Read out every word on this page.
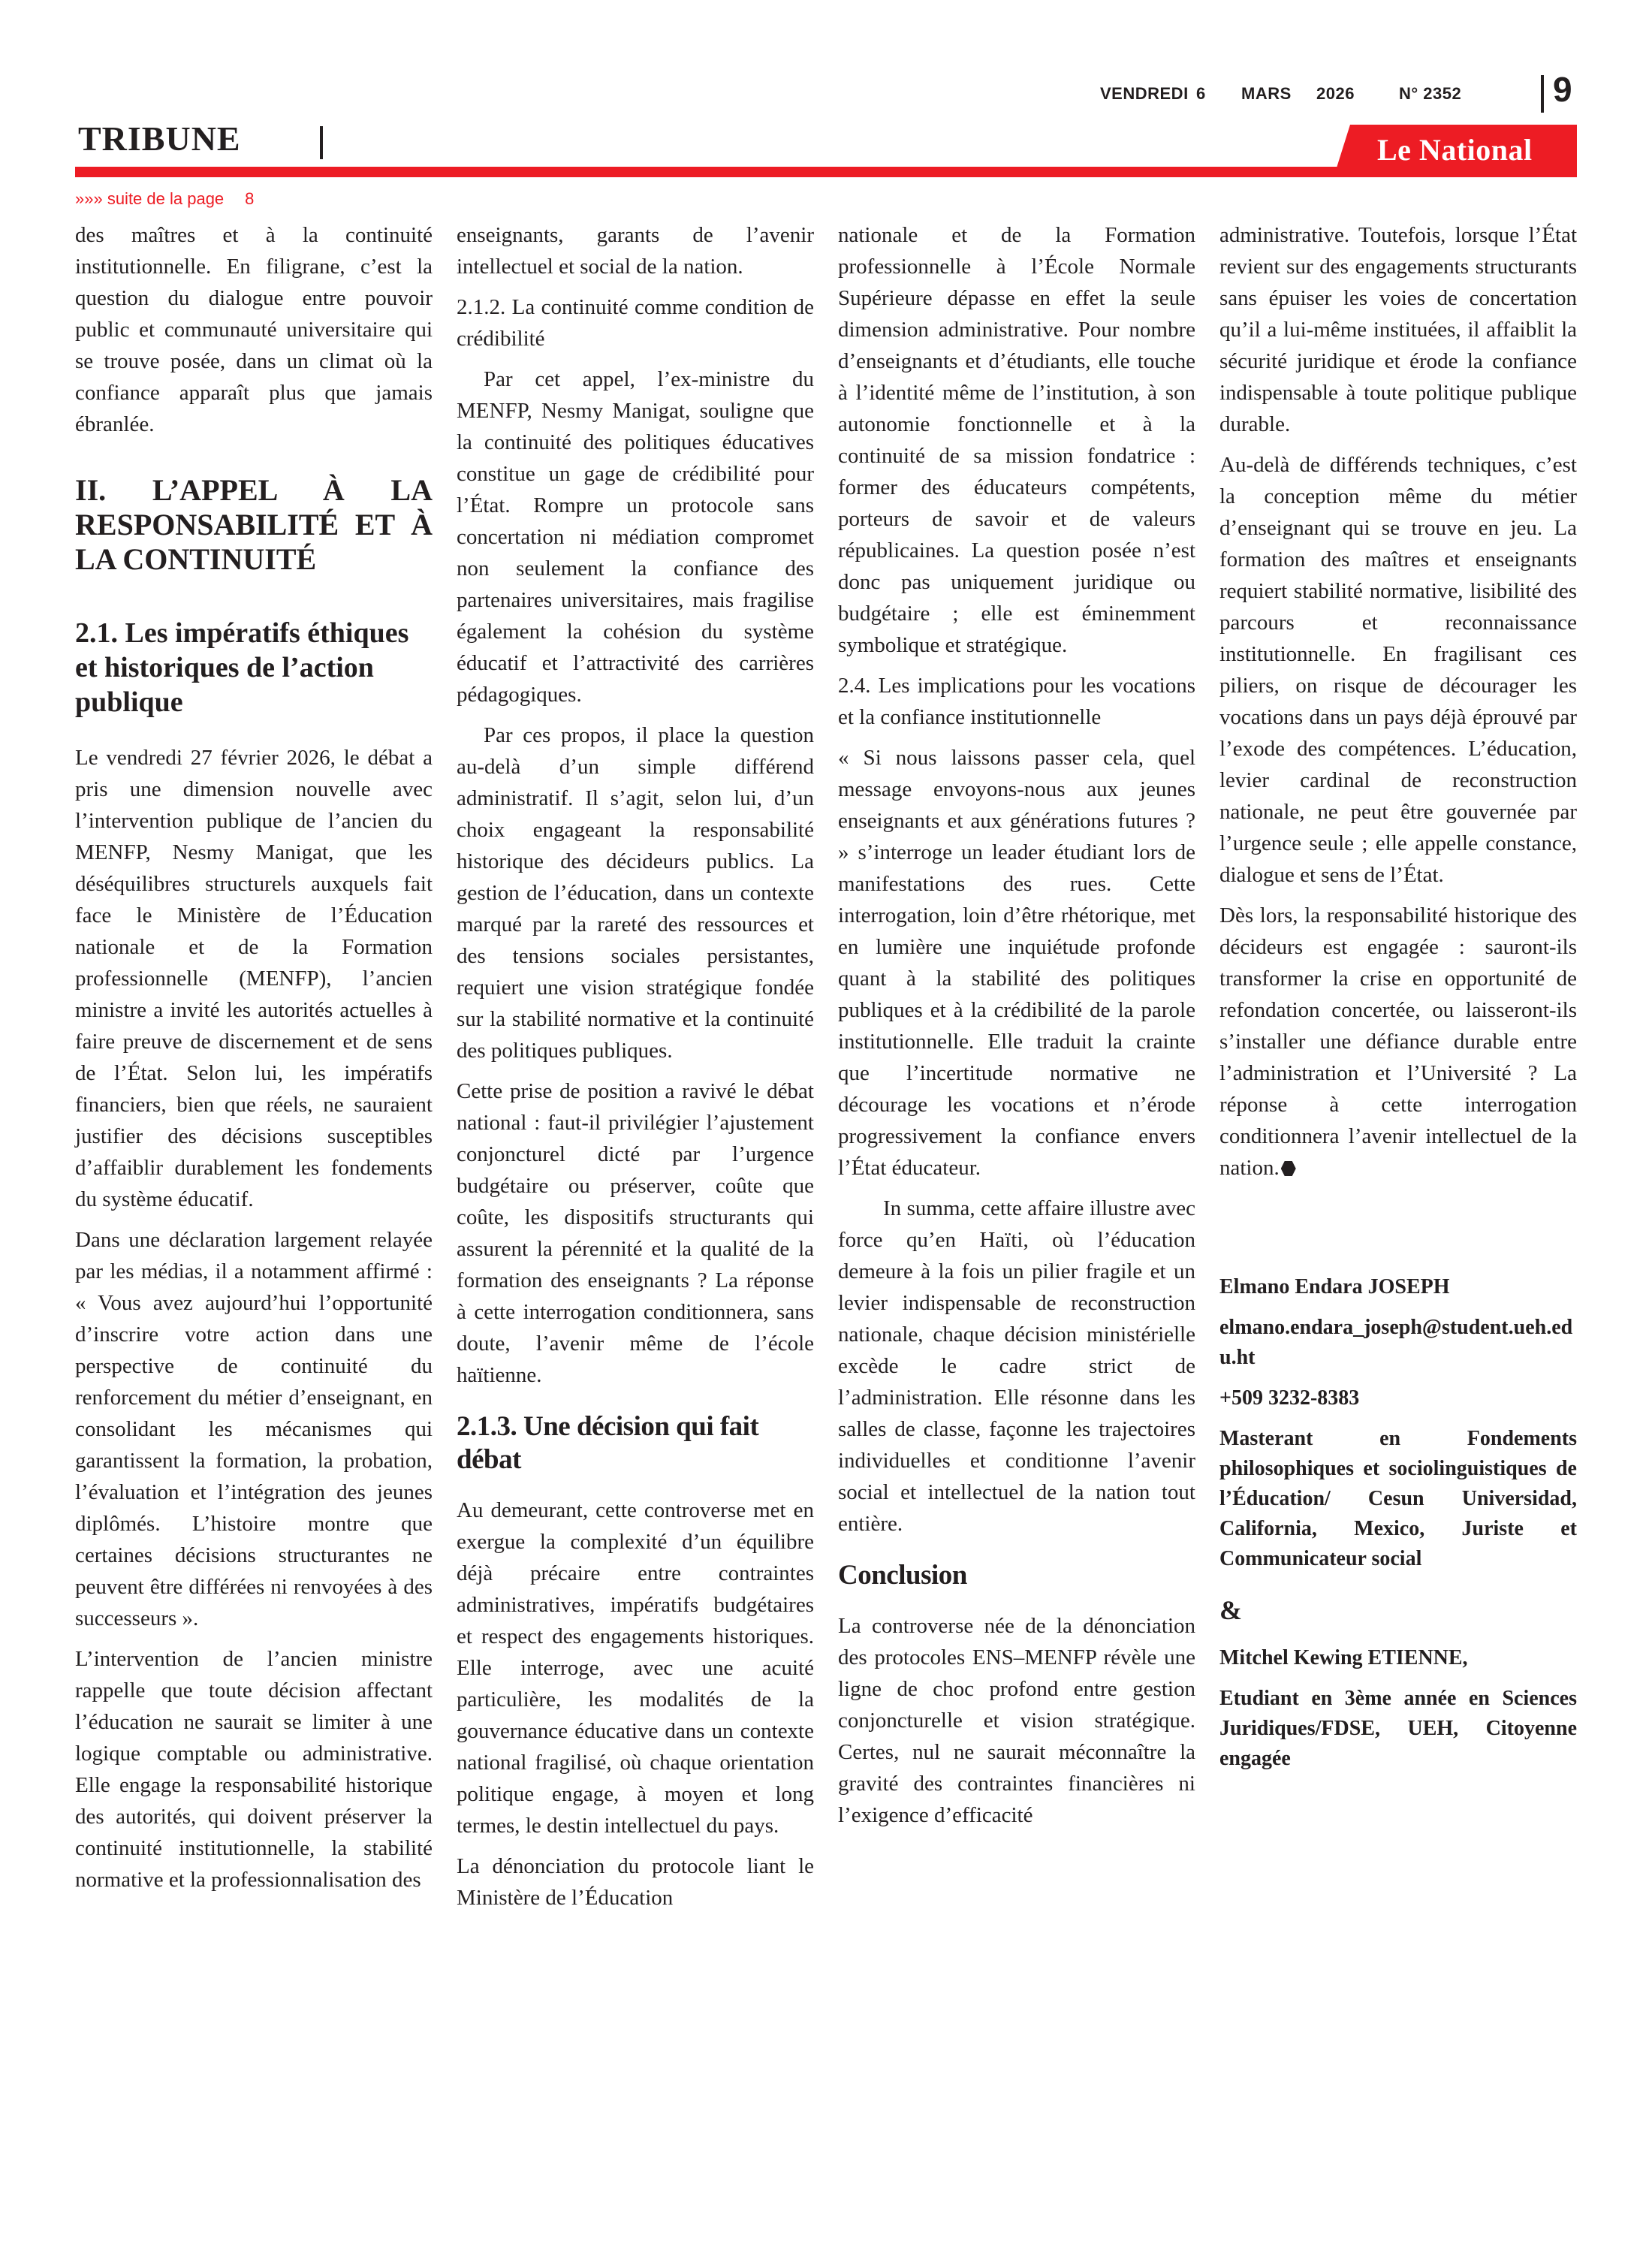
VENDREDI 6	MARS	2026	N° 2352	9
TRIBUNE	Le National
»»» suite de la page 8

des maîtres et à la continuité institutionnelle. En filigrane, c’est la question du dialogue entre pouvoir public et communauté universitaire qui se trouve posée, dans un climat où la confiance apparaît plus que jamais ébranlée.

II. L’APPEL À LA RESPONSABILITÉ ET À LA CONTINUITÉ

2.1. Les impératifs éthiques et historiques de l’action publique

Le vendredi 27 février 2026, le débat a pris une dimension nouvelle avec l’intervention publique de l’ancien du MENFP, Nesmy Manigat, que les déséquilibres structurels auxquels fait face le Ministère de l’Éducation nationale et de la Formation professionnelle (MENFP), l’ancien ministre a invité les autorités actuelles à faire preuve de discernement et de sens de l’État. Selon lui, les impératifs financiers, bien que réels, ne sauraient justifier des décisions susceptibles d’affaiblir durablement les fondements du système éducatif.

Dans une déclaration largement relayée par les médias, il a notamment affirmé : « Vous avez aujourd’hui l’opportunité d’inscrire votre action dans une perspective de continuité du renforcement du métier d’enseignant, en consolidant les mécanismes qui garantissent la formation, la probation, l’évaluation et l’intégration des jeunes diplômés. L’histoire montre que certaines décisions structurantes ne peuvent être différées ni renvoyées à des successeurs ».

L’intervention de l’ancien ministre rappelle que toute décision affectant l’éducation ne saurait se limiter à une logique comptable ou administrative. Elle engage la responsabilité historique des autorités, qui doivent préserver la continuité institutionnelle, la stabilité normative et la professionnalisation des

enseignants, garants de l’avenir intellectuel et social de la nation.

2.1.2. La continuité comme condition de crédibilité

Par cet appel, l’ex-ministre du MENFP, Nesmy Manigat, souligne que la continuité des politiques éducatives constitue un gage de crédibilité pour l’État. Rompre un protocole sans concertation ni médiation compromet non seulement la confiance des partenaires universitaires, mais fragilise également la cohésion du système éducatif et l’attractivité des carrières pédagogiques.

Par ces propos, il place la question au-delà d’un simple différend administratif. Il s’agit, selon lui, d’un choix engageant la responsabilité historique des décideurs publics. La gestion de l’éducation, dans un contexte marqué par la rareté des ressources et des tensions sociales persistantes, requiert une vision stratégique fondée sur la stabilité normative et la continuité des politiques publiques.

Cette prise de position a ravivé le débat national : faut-il privilégier l’ajustement conjoncturel dicté par l’urgence budgétaire ou préserver, coûte que coûte, les dispositifs structurants qui assurent la pérennité et la qualité de la formation des enseignants ? La réponse à cette interrogation conditionnera, sans doute, l’avenir même de l’école haïtienne.

2.1.3. Une décision qui fait débat

Au demeurant, cette controverse met en exergue la complexité d’un équilibre déjà précaire entre contraintes administratives, impératifs budgétaires et respect des engagements historiques. Elle interroge, avec une acuité particulière, les modalités de la gouvernance éducative dans un contexte national fragilisé, où chaque orientation politique engage, à moyen et long termes, le destin intellectuel du pays.

La dénonciation du protocole liant le Ministère de l’Éducation

nationale et de la Formation professionnelle à l’École Normale Supérieure dépasse en effet la seule dimension administrative. Pour nombre d’enseignants et d’étudiants, elle touche à l’identité même de l’institution, à son autonomie fonctionnelle et à la continuité de sa mission fondatrice : former des éducateurs compétents, porteurs de savoir et de valeurs républicaines. La question posée n’est donc pas uniquement juridique ou budgétaire ; elle est éminemment symbolique et stratégique.

2.4. Les implications pour les vocations et la confiance institutionnelle

« Si nous laissons passer cela, quel message envoyons-nous aux jeunes enseignants et aux générations futures ? » s’interroge un leader étudiant lors de manifestations des rues. Cette interrogation, loin d’être rhétorique, met en lumière une inquiétude profonde quant à la stabilité des politiques publiques et à la crédibilité de la parole institutionnelle. Elle traduit la crainte que l’incertitude normative ne décourage les vocations et n’érode progressivement la confiance envers l’État éducateur.

In summa, cette affaire illustre avec force qu’en Haïti, où l’éducation demeure à la fois un pilier fragile et un levier indispensable de reconstruction nationale, chaque décision ministérielle excède le cadre strict de l’administration. Elle résonne dans les salles de classe, façonne les trajectoires individuelles et conditionne l’avenir social et intellectuel de la nation tout entière.

Conclusion

La controverse née de la dénonciation des protocoles ENS–MENFP révèle une ligne de choc profond entre gestion conjoncturelle et vision stratégique. Certes, nul ne saurait méconnaître la gravité des contraintes financières ni l’exigence d’efficacité

administrative. Toutefois, lorsque l’État revient sur des engagements structurants sans épuiser les voies de concertation qu’il a lui-même instituées, il affaiblit la sécurité juridique et érode la confiance indispensable à toute politique publique durable.

Au-delà de différends techniques, c’est la conception même du métier d’enseignant qui se trouve en jeu. La formation des maîtres et enseignants requiert stabilité normative, lisibilité des parcours et reconnaissance institutionnelle. En fragilisant ces piliers, on risque de décourager les vocations dans un pays déjà éprouvé par l’exode des compétences. L’éducation, levier cardinal de reconstruction nationale, ne peut être gouvernée par l’urgence seule ; elle appelle constance, dialogue et sens de l’État.

Dès lors, la responsabilité historique des décideurs est engagée : sauront-ils transformer la crise en opportunité de refondation concertée, ou laisseront-ils s’installer une défiance durable entre l’administration et l’Université ? La réponse à cette interrogation conditionnera l’avenir intellectuel de la nation.

Elmano Endara JOSEPH

elmano.endara_joseph@student.ueh.edu.ht

+509 3232-8383

Masterant en Fondements philosophiques et sociolinguistiques de l’Éducation/ Cesun Universidad, California, Mexico, Juriste et Communicateur social

&

Mitchel Kewing ETIENNE,

Etudiant en 3ème année en Sciences Juridiques/FDSE, UEH, Citoyenne engagée
